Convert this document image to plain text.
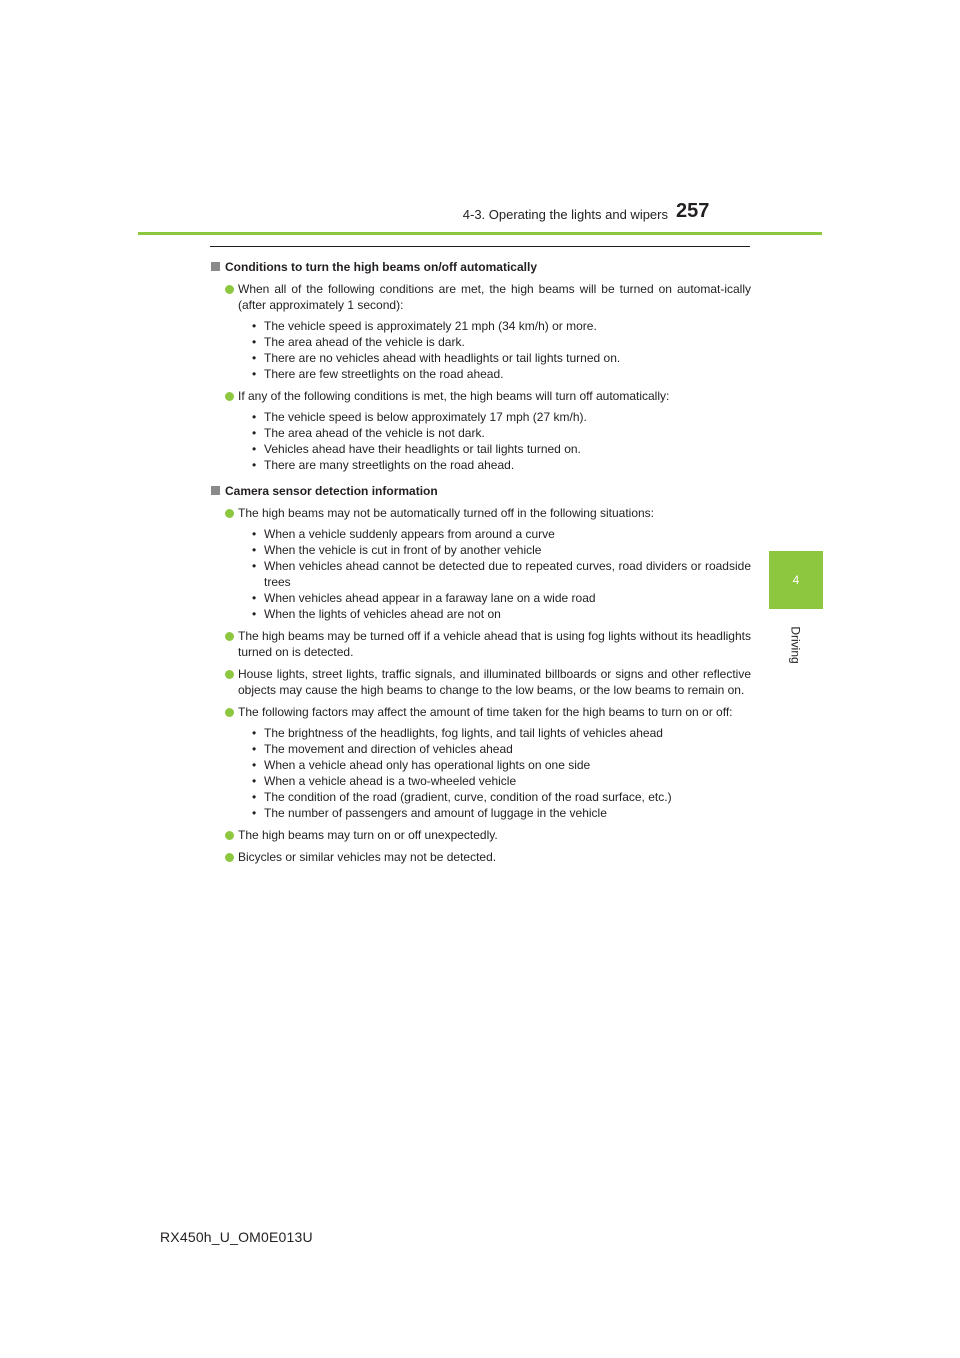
4-3. Operating the lights and wipers 257
4
Driving
Conditions to turn the high beams on/off automatically
When all of the following conditions are met, the high beams will be turned on automat-ically (after approximately 1 second):
• The vehicle speed is approximately 21 mph (34 km/h) or more.
• The area ahead of the vehicle is dark.
• There are no vehicles ahead with headlights or tail lights turned on.
• There are few streetlights on the road ahead.
If any of the following conditions is met, the high beams will turn off automatically:
• The vehicle speed is below approximately 17 mph (27 km/h).
• The area ahead of the vehicle is not dark.
• Vehicles ahead have their headlights or tail lights turned on.
• There are many streetlights on the road ahead.
Camera sensor detection information
The high beams may not be automatically turned off in the following situations:
• When a vehicle suddenly appears from around a curve
• When the vehicle is cut in front of by another vehicle
• When vehicles ahead cannot be detected due to repeated curves, road dividers or roadside trees
• When vehicles ahead appear in a faraway lane on a wide road
• When the lights of vehicles ahead are not on
The high beams may be turned off if a vehicle ahead that is using fog lights without its headlights turned on is detected.
House lights, street lights, traffic signals, and illuminated billboards or signs and other reflective objects may cause the high beams to change to the low beams, or the low beams to remain on.
The following factors may affect the amount of time taken for the high beams to turn on or off:
• The brightness of the headlights, fog lights, and tail lights of vehicles ahead
• The movement and direction of vehicles ahead
• When a vehicle ahead only has operational lights on one side
• When a vehicle ahead is a two-wheeled vehicle
• The condition of the road (gradient, curve, condition of the road surface, etc.)
• The number of passengers and amount of luggage in the vehicle
The high beams may turn on or off unexpectedly.
Bicycles or similar vehicles may not be detected.
RX450h_U_OM0E013U
